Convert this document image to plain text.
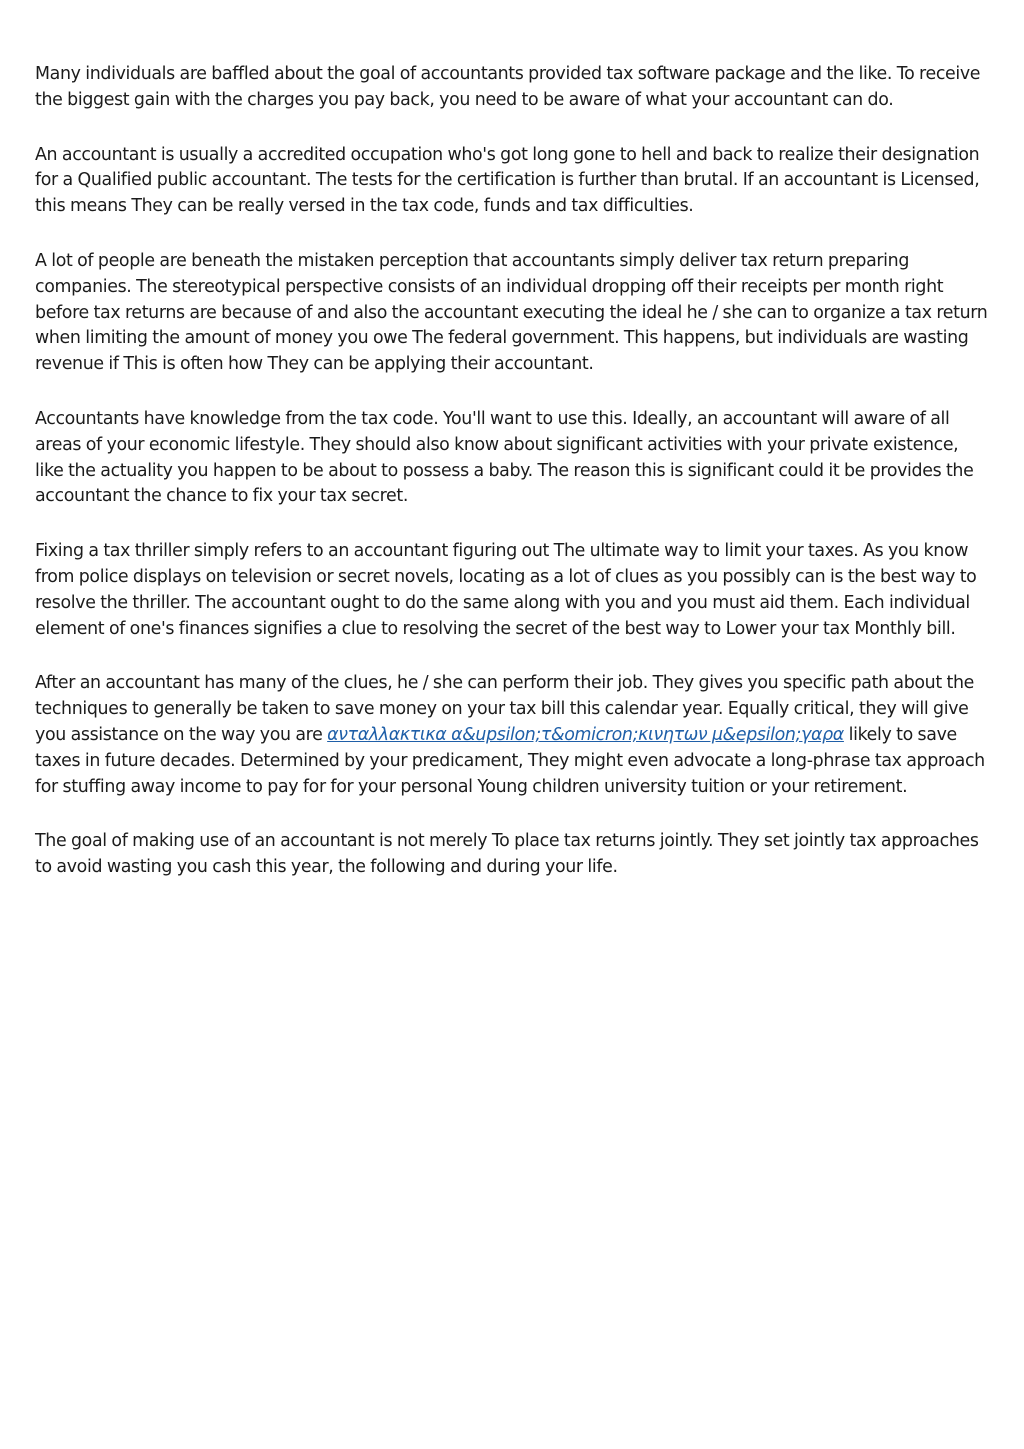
Many individuals are baffled about the goal of accountants provided tax software package and the like. To receive the biggest gain with the charges you pay back, you need to be aware of what your accountant can do.

An accountant is usually a accredited occupation who's got long gone to hell and back to realize their designation for a Qualified public accountant. The tests for the certification is further than brutal. If an accountant is Licensed, this means They can be really versed in the tax code, funds and tax difficulties.

A lot of people are beneath the mistaken perception that accountants simply deliver tax return preparing companies. The stereotypical perspective consists of an individual dropping off their receipts per month right before tax returns are because of and also the accountant executing the ideal he / she can to organize a tax return when limiting the amount of money you owe The federal government. This happens, but individuals are wasting revenue if This is often how They can be applying their accountant.

Accountants have knowledge from the tax code. You'll want to use this. Ideally, an accountant will aware of all areas of your economic lifestyle. They should also know about significant activities with your private existence, like the actuality you happen to be about to possess a baby. The reason this is significant could it be provides the accountant the chance to fix your tax secret.

Fixing a tax thriller simply refers to an accountant figuring out The ultimate way to limit your taxes. As you know from police displays on television or secret novels, locating as a lot of clues as you possibly can is the best way to resolve the thriller. The accountant ought to do the same along with you and you must aid them. Each individual element of one's finances signifies a clue to resolving the secret of the best way to Lower your tax Monthly bill.

After an accountant has many of the clues, he / she can perform their job. They gives you specific path about the techniques to generally be taken to save money on your tax bill this calendar year. Equally critical, they will give you assistance on the way you are ανταλλακτικα α&upsilon;τ&omicron;κινητων μ&epsilon;γαρα likely to save taxes in future decades. Determined by your predicament, They might even advocate a long-phrase tax approach for stuffing away income to pay for for your personal Young children university tuition or your retirement.

The goal of making use of an accountant is not merely To place tax returns jointly. They set jointly tax approaches to avoid wasting you cash this year, the following and during your life.
